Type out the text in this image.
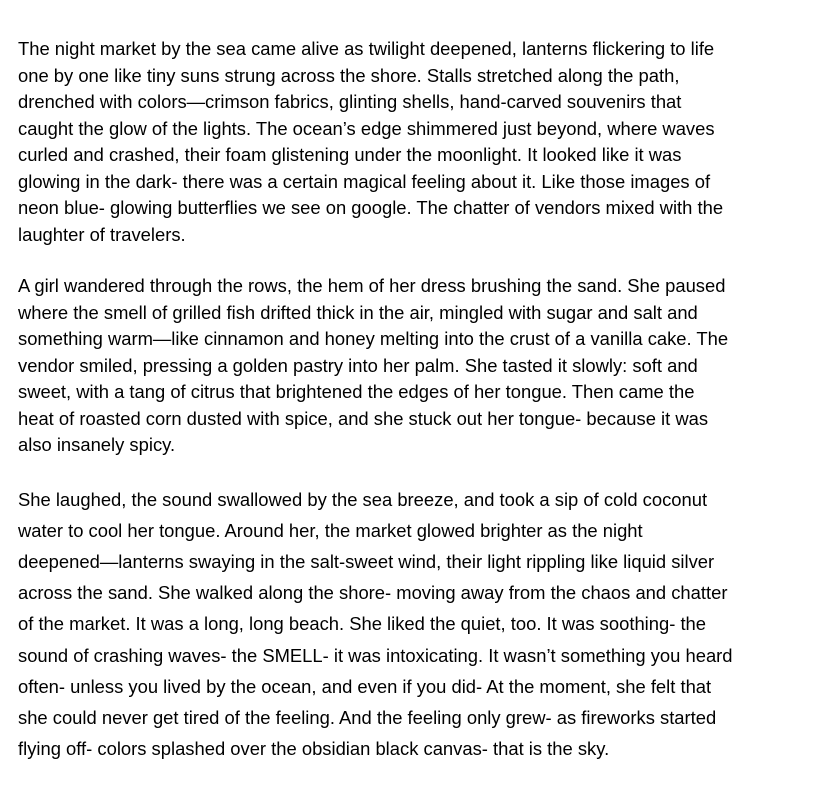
The night market by the sea came alive as twilight deepened, lanterns flickering to life
one by one like tiny suns strung across the shore. Stalls stretched along the path,
drenched with colors—crimson fabrics, glinting shells, hand-carved souvenirs that
caught the glow of the lights. The ocean’s edge shimmered just beyond, where waves
curled and crashed, their foam glistening under the moonlight. It looked like it was
glowing in the dark- there was a certain magical feeling about it. Like those images of
neon blue- glowing butterflies we see on google. The chatter of vendors mixed with the
laughter of travelers.

A girl wandered through the rows, the hem of her dress brushing the sand. She paused
where the smell of grilled fish drifted thick in the air, mingled with sugar and salt and
something warm—like cinnamon and honey melting into the crust of a vanilla cake. The
vendor smiled, pressing a golden pastry into her palm. She tasted it slowly: soft and
sweet, with a tang of citrus that brightened the edges of her tongue. Then came the
heat of roasted corn dusted with spice, and she stuck out her tongue- because it was
also insanely spicy.

She laughed, the sound swallowed by the sea breeze, and took a sip of cold coconut
water to cool her tongue. Around her, the market glowed brighter as the night
deepened—lanterns swaying in the salt-sweet wind, their light rippling like liquid silver
across the sand. She walked along the shore- moving away from the chaos and chatter
of the market. It was a long, long beach. She liked the quiet, too. It was soothing- the
sound of crashing waves- the SMELL- it was intoxicating. It wasn’t something you heard
often- unless you lived by the ocean, and even if you did- At the moment, she felt that
she could never get tired of the feeling. And the feeling only grew- as fireworks started
flying off- colors splashed over the obsidian black canvas- that is the sky.
